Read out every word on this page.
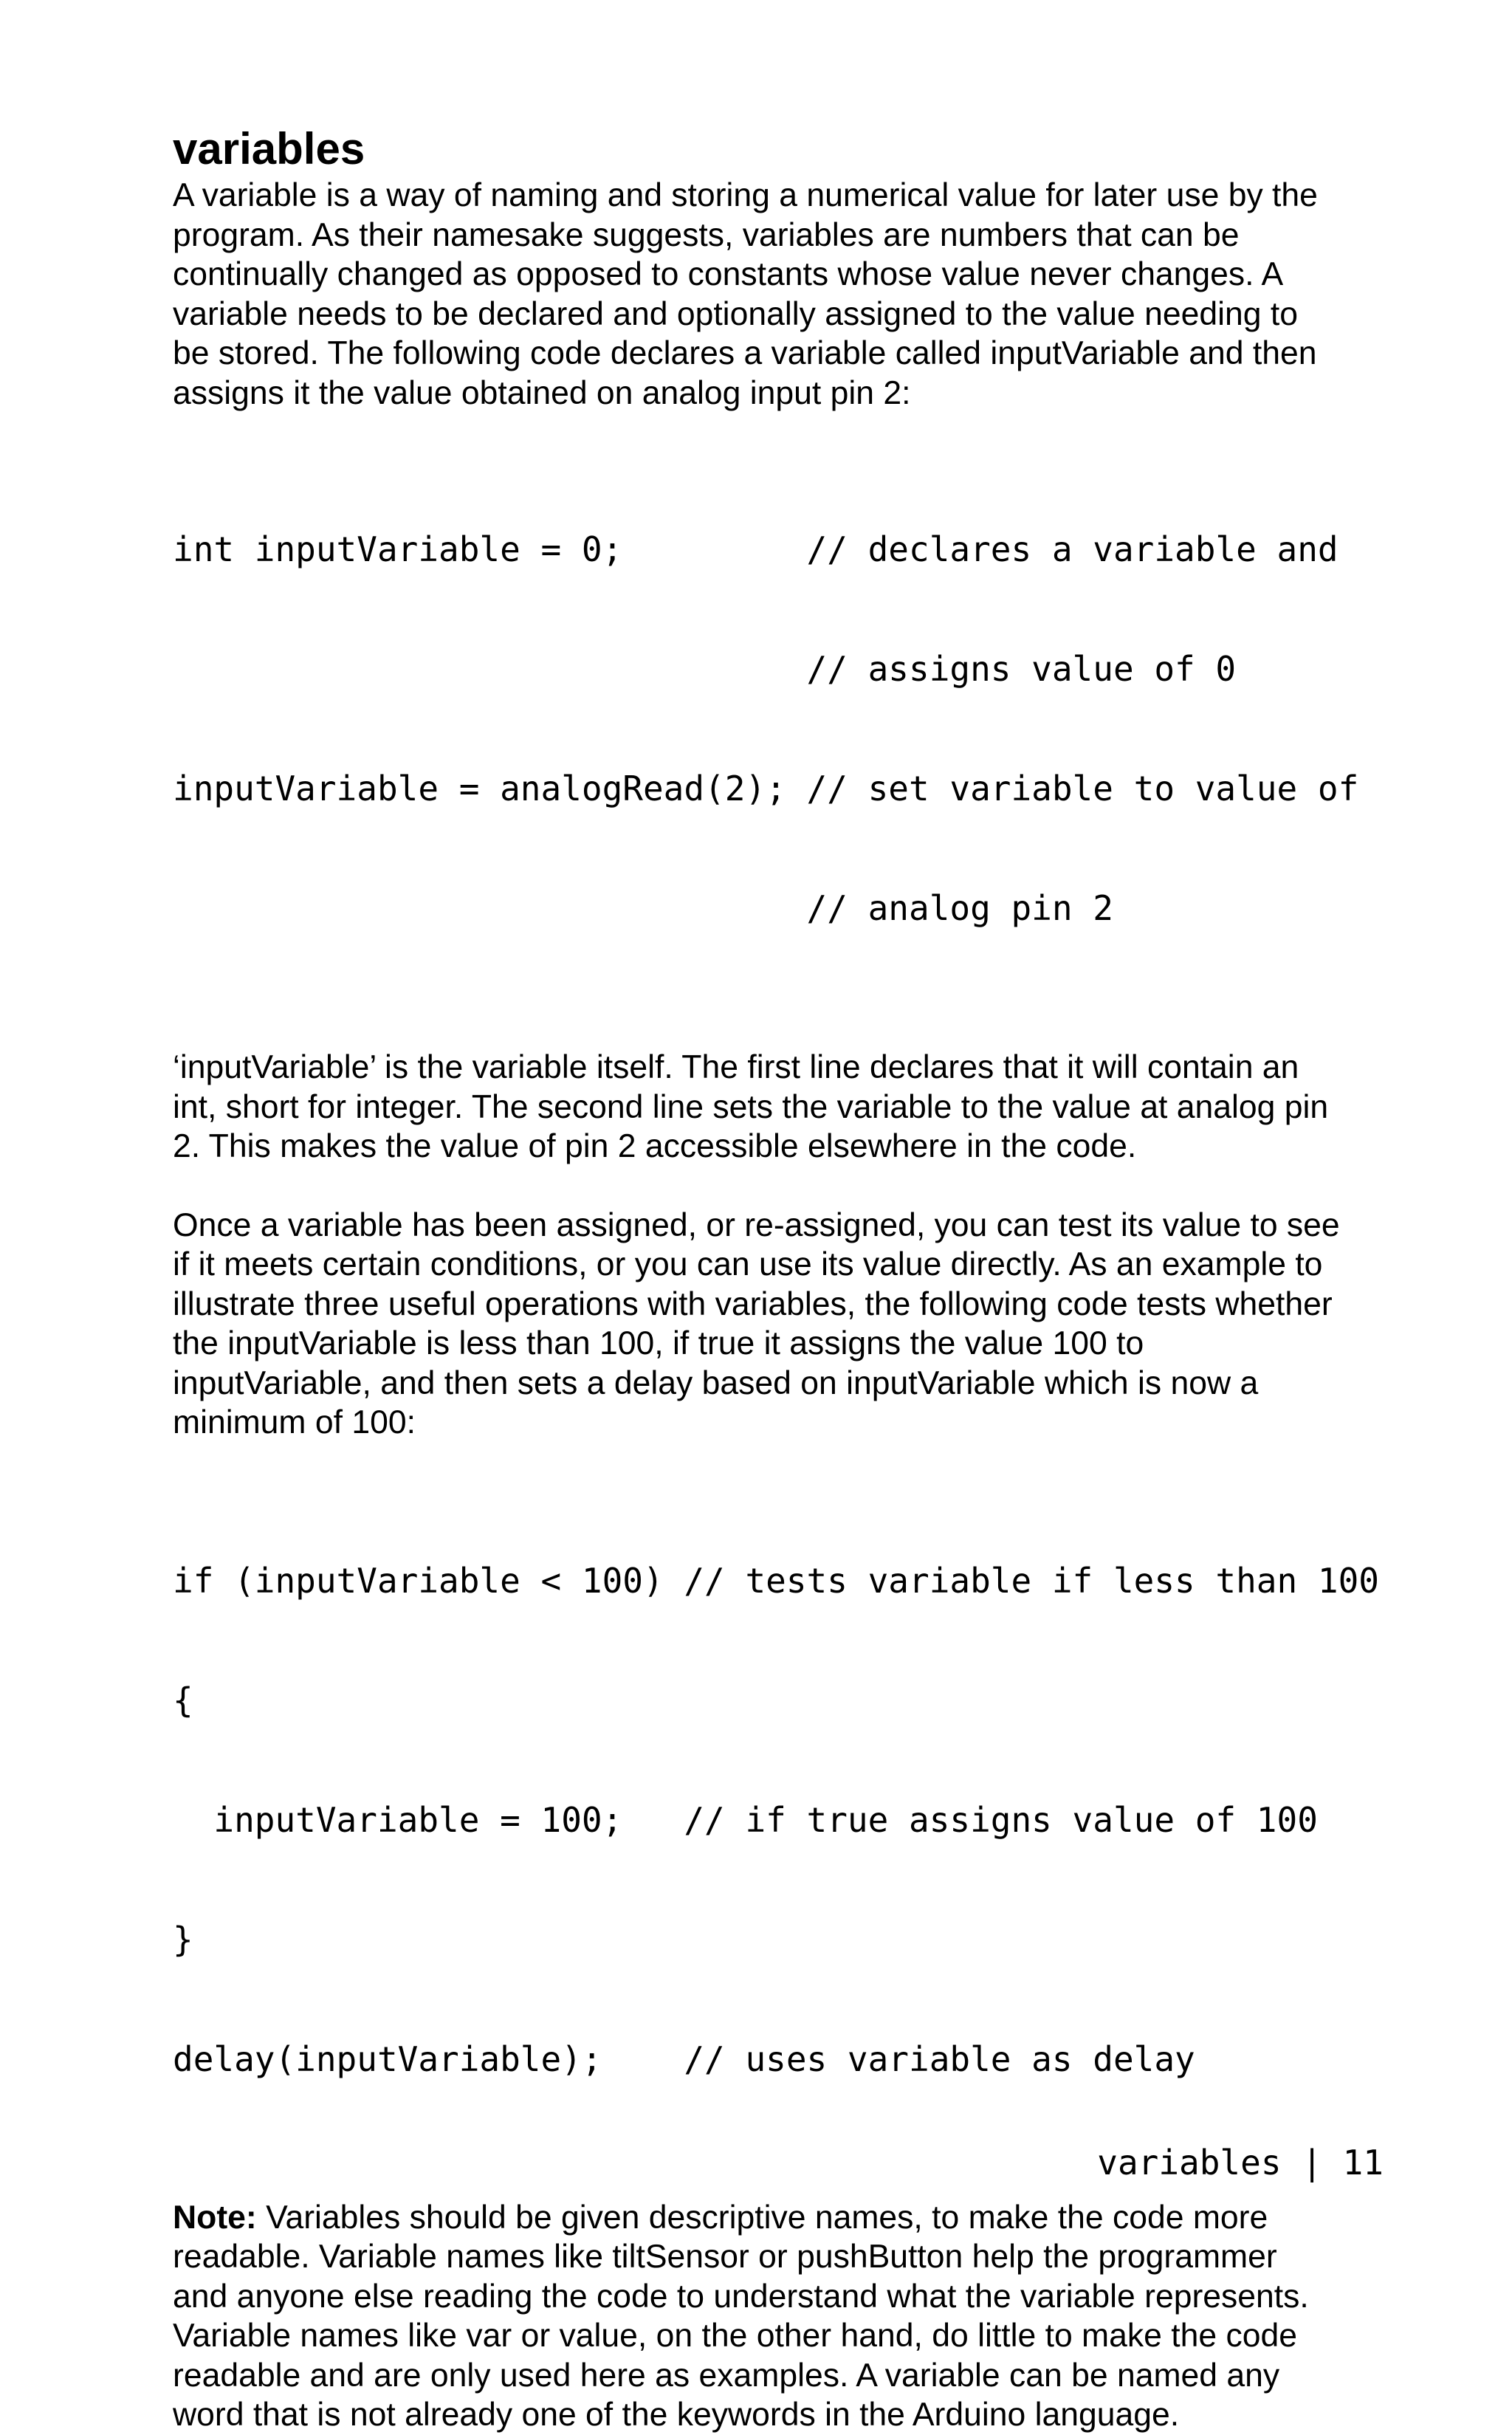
variables

A variable is a way of naming and storing a numerical value for later use by the
program. As their namesake suggests, variables are numbers that can be
continually changed as opposed to constants whose value never changes. A
variable needs to be declared and optionally assigned to the value needing to
be stored. The following code declares a variable called inputVariable and then
assigns it the value obtained on analog input pin 2:

int inputVariable = 0;         // declares a variable and

// assigns value of 0

inputVariable = analogRead(2); // set variable to value of

// analog pin 2

‘inputVariable’ is the variable itself. The first line declares that it will contain an
int, short for integer. The second line sets the variable to the value at analog pin
2. This makes the value of pin 2 accessible elsewhere in the code.

Once a variable has been assigned, or re-assigned, you can test its value to see
if it meets certain conditions, or you can use its value directly. As an example to
illustrate three useful operations with variables, the following code tests whether
the inputVariable is less than 100, if true it assigns the value 100 to
inputVariable, and then sets a delay based on inputVariable which is now a
minimum of 100:

if (inputVariable < 100) // tests variable if less than 100

{

inputVariable = 100;   // if true assigns value of 100

}

delay(inputVariable);    // uses variable as delay

Note: Variables should be given descriptive names, to make the code more
readable. Variable names like tiltSensor or pushButton help the programmer
and anyone else reading the code to understand what the variable represents.
Variable names like var or value, on the other hand, do little to make the code
readable and are only used here as examples. A variable can be named any
word that is not already one of the keywords in the Arduino language.

variables | 11
